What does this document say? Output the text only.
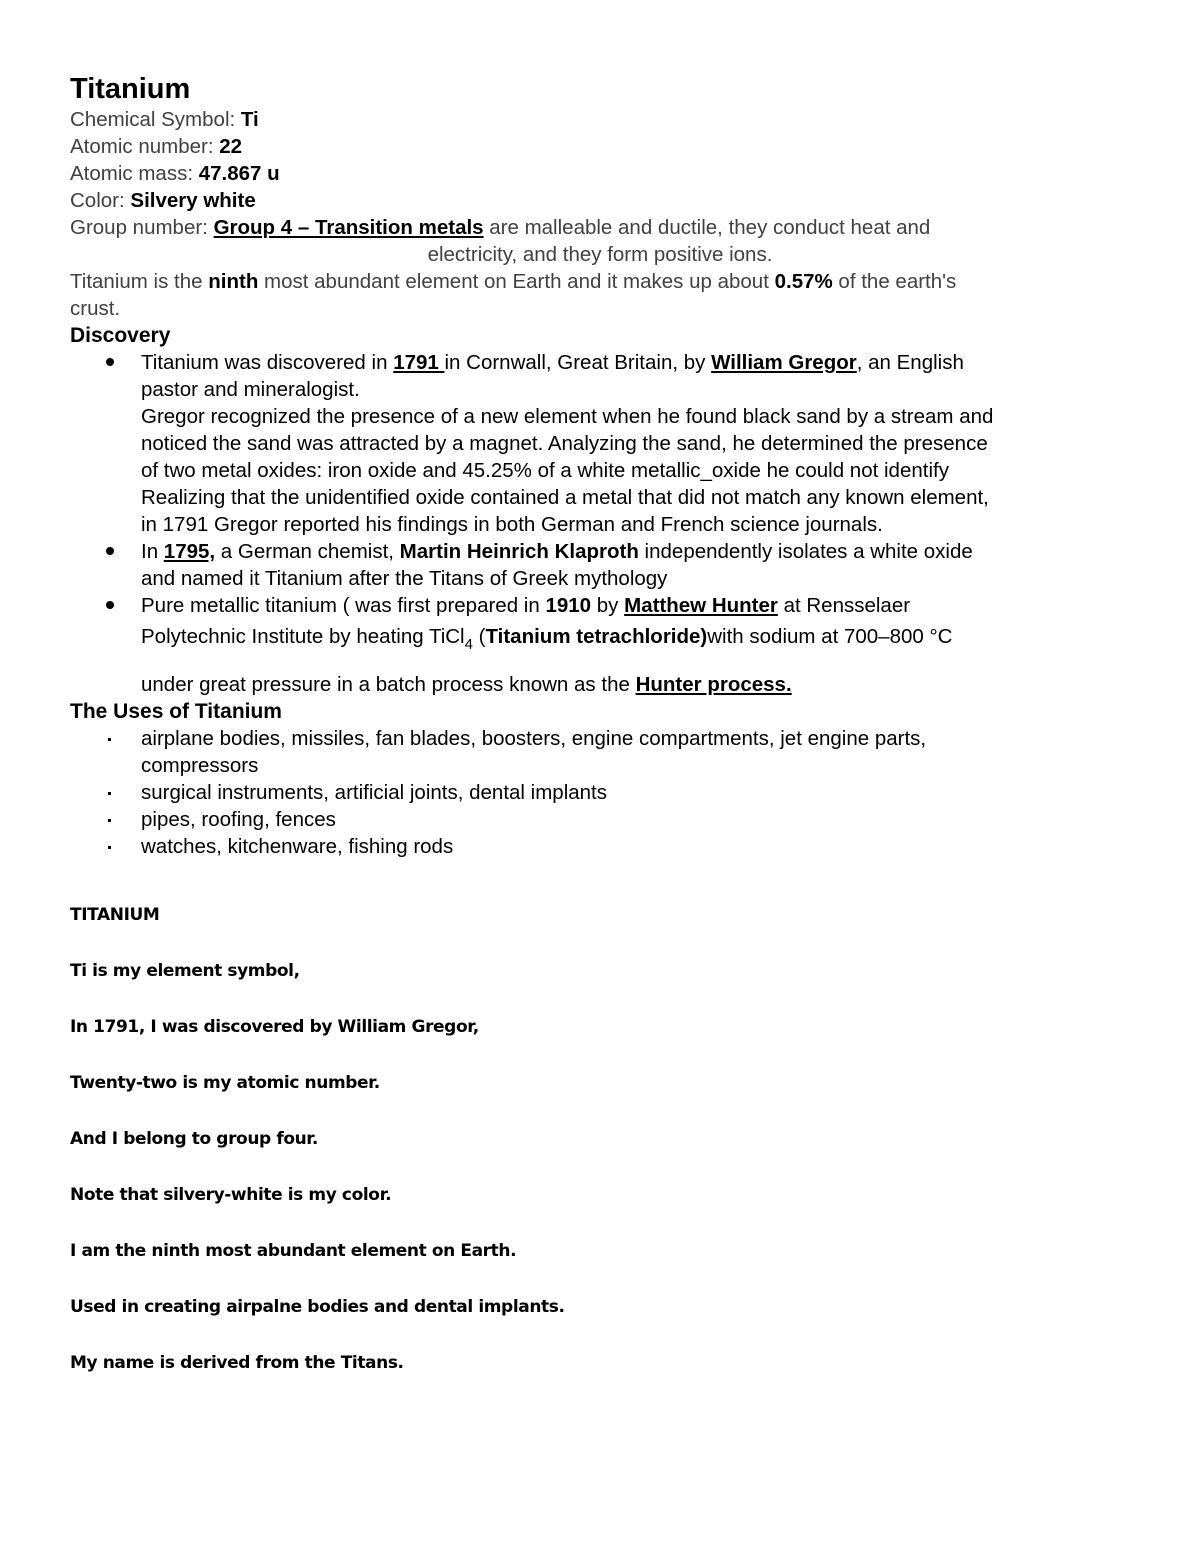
Titanium

Chemical Symbol: Ti

Atomic number: 22

Atomic mass: 47.867 u

Color: Silvery white

Group number: Group 4 – Transition metals are malleable and ductile, they conduct heat and

electricity, and they form positive ions.

Titanium is the ninth most abundant element on Earth and it makes up about 0.57% of the earth's

crust.

Discovery

Titanium was discovered in 1791 in Cornwall, Great Britain, by William Gregor, an English
pastor and mineralogist.
Gregor recognized the presence of a new element when he found black sand by a stream and
noticed the sand was attracted by a magnet. Analyzing the sand, he determined the presence
of two metal oxides: iron oxide and 45.25% of a white metallic_oxide he could not identify
Realizing that the unidentified oxide contained a metal that did not match any known element,
in 1791 Gregor reported his findings in both German and French science journals.
In 1795, a German chemist, Martin Heinrich Klaproth independently isolates a white oxide
and named it Titanium after the Titans of Greek mythology
Pure metallic titanium ( was first prepared in 1910 by Matthew Hunter at Rensselaer
Polytechnic Institute by heating TiCl$_4$ (Titanium tetrachloride)with sodium at 700–800 °C
under great pressure in a batch process known as the Hunter process.

The Uses of Titanium

airplane bodies, missiles, fan blades, boosters, engine compartments, jet engine parts,
compressors
surgical instruments, artificial joints, dental implants
pipes, roofing, fences
watches, kitchenware, fishing rods

TITANIUM

Ti is my element symbol,

In 1791, I was discovered by William Gregor,

Twenty-two is my atomic number.

And I belong to group four.

Note that silvery-white is my color.

I am the ninth most abundant element on Earth.

Used in creating airpalne bodies and dental implants.

My name is derived from the Titans.
